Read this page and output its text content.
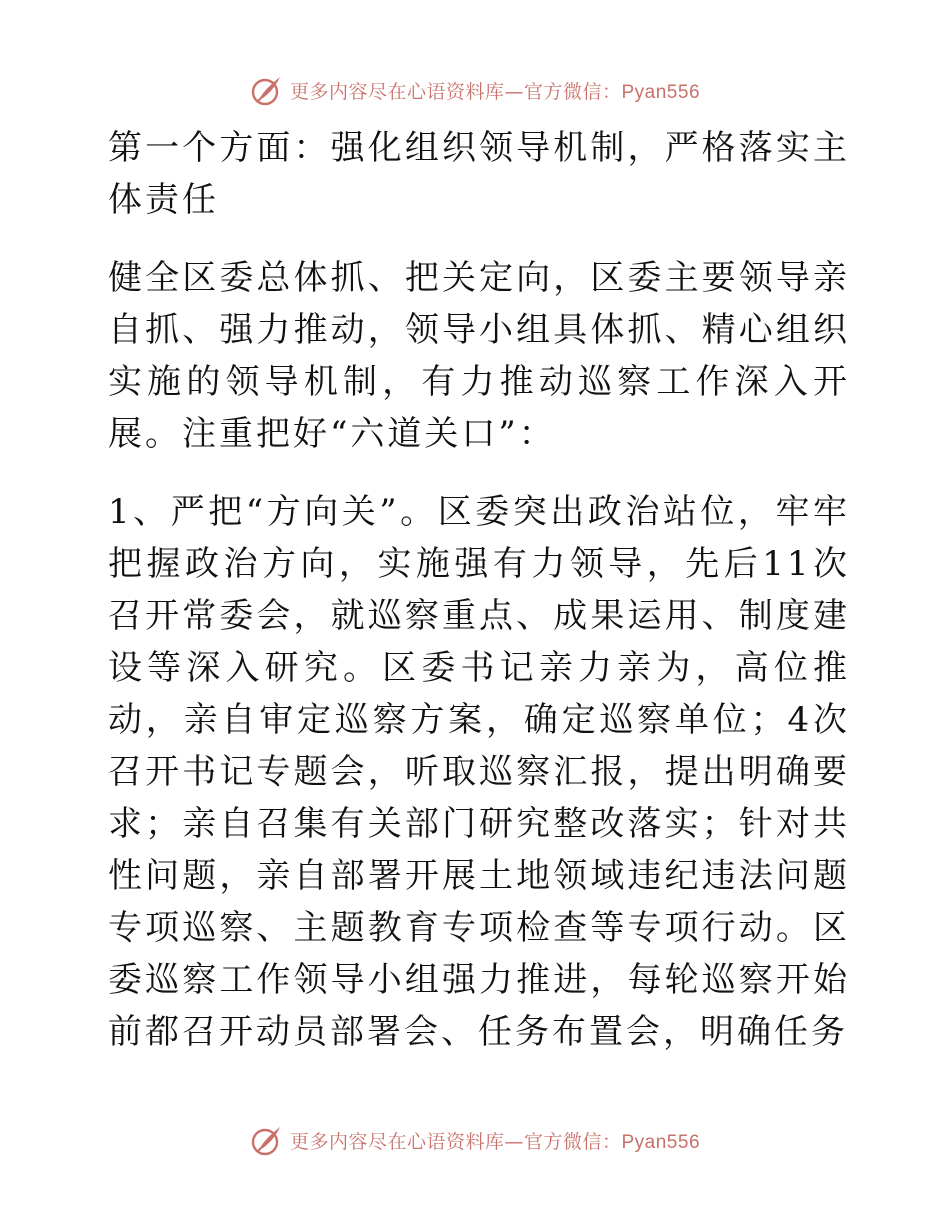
更多内容尽在心语资料库—官方微信：Pyan556

第一个方面：强化组织领导机制，严格落实主体责任

健全区委总体抓、把关定向，区委主要领导亲自抓、强力推动，领导小组具体抓、精心组织实施的领导机制，有力推动巡察工作深入开展。注重把好“六道关口”：

1、严把“方向关”。区委突出政治站位，牢牢把握政治方向，实施强有力领导，先后11次召开常委会，就巡察重点、成果运用、制度建设等深入研究。区委书记亲力亲为，高位推动，亲自审定巡察方案，确定巡察单位；4次召开书记专题会，听取巡察汇报，提出明确要求；亲自召集有关部门研究整改落实；针对共性问题，亲自部署开展土地领域违纪违法问题专项巡察、主题教育专项检查等专项行动。区委巡察工作领导小组强力推进，每轮巡察开始前都召开动员部署会、任务布置会，明确任务

更多内容尽在心语资料库—官方微信：Pyan556
